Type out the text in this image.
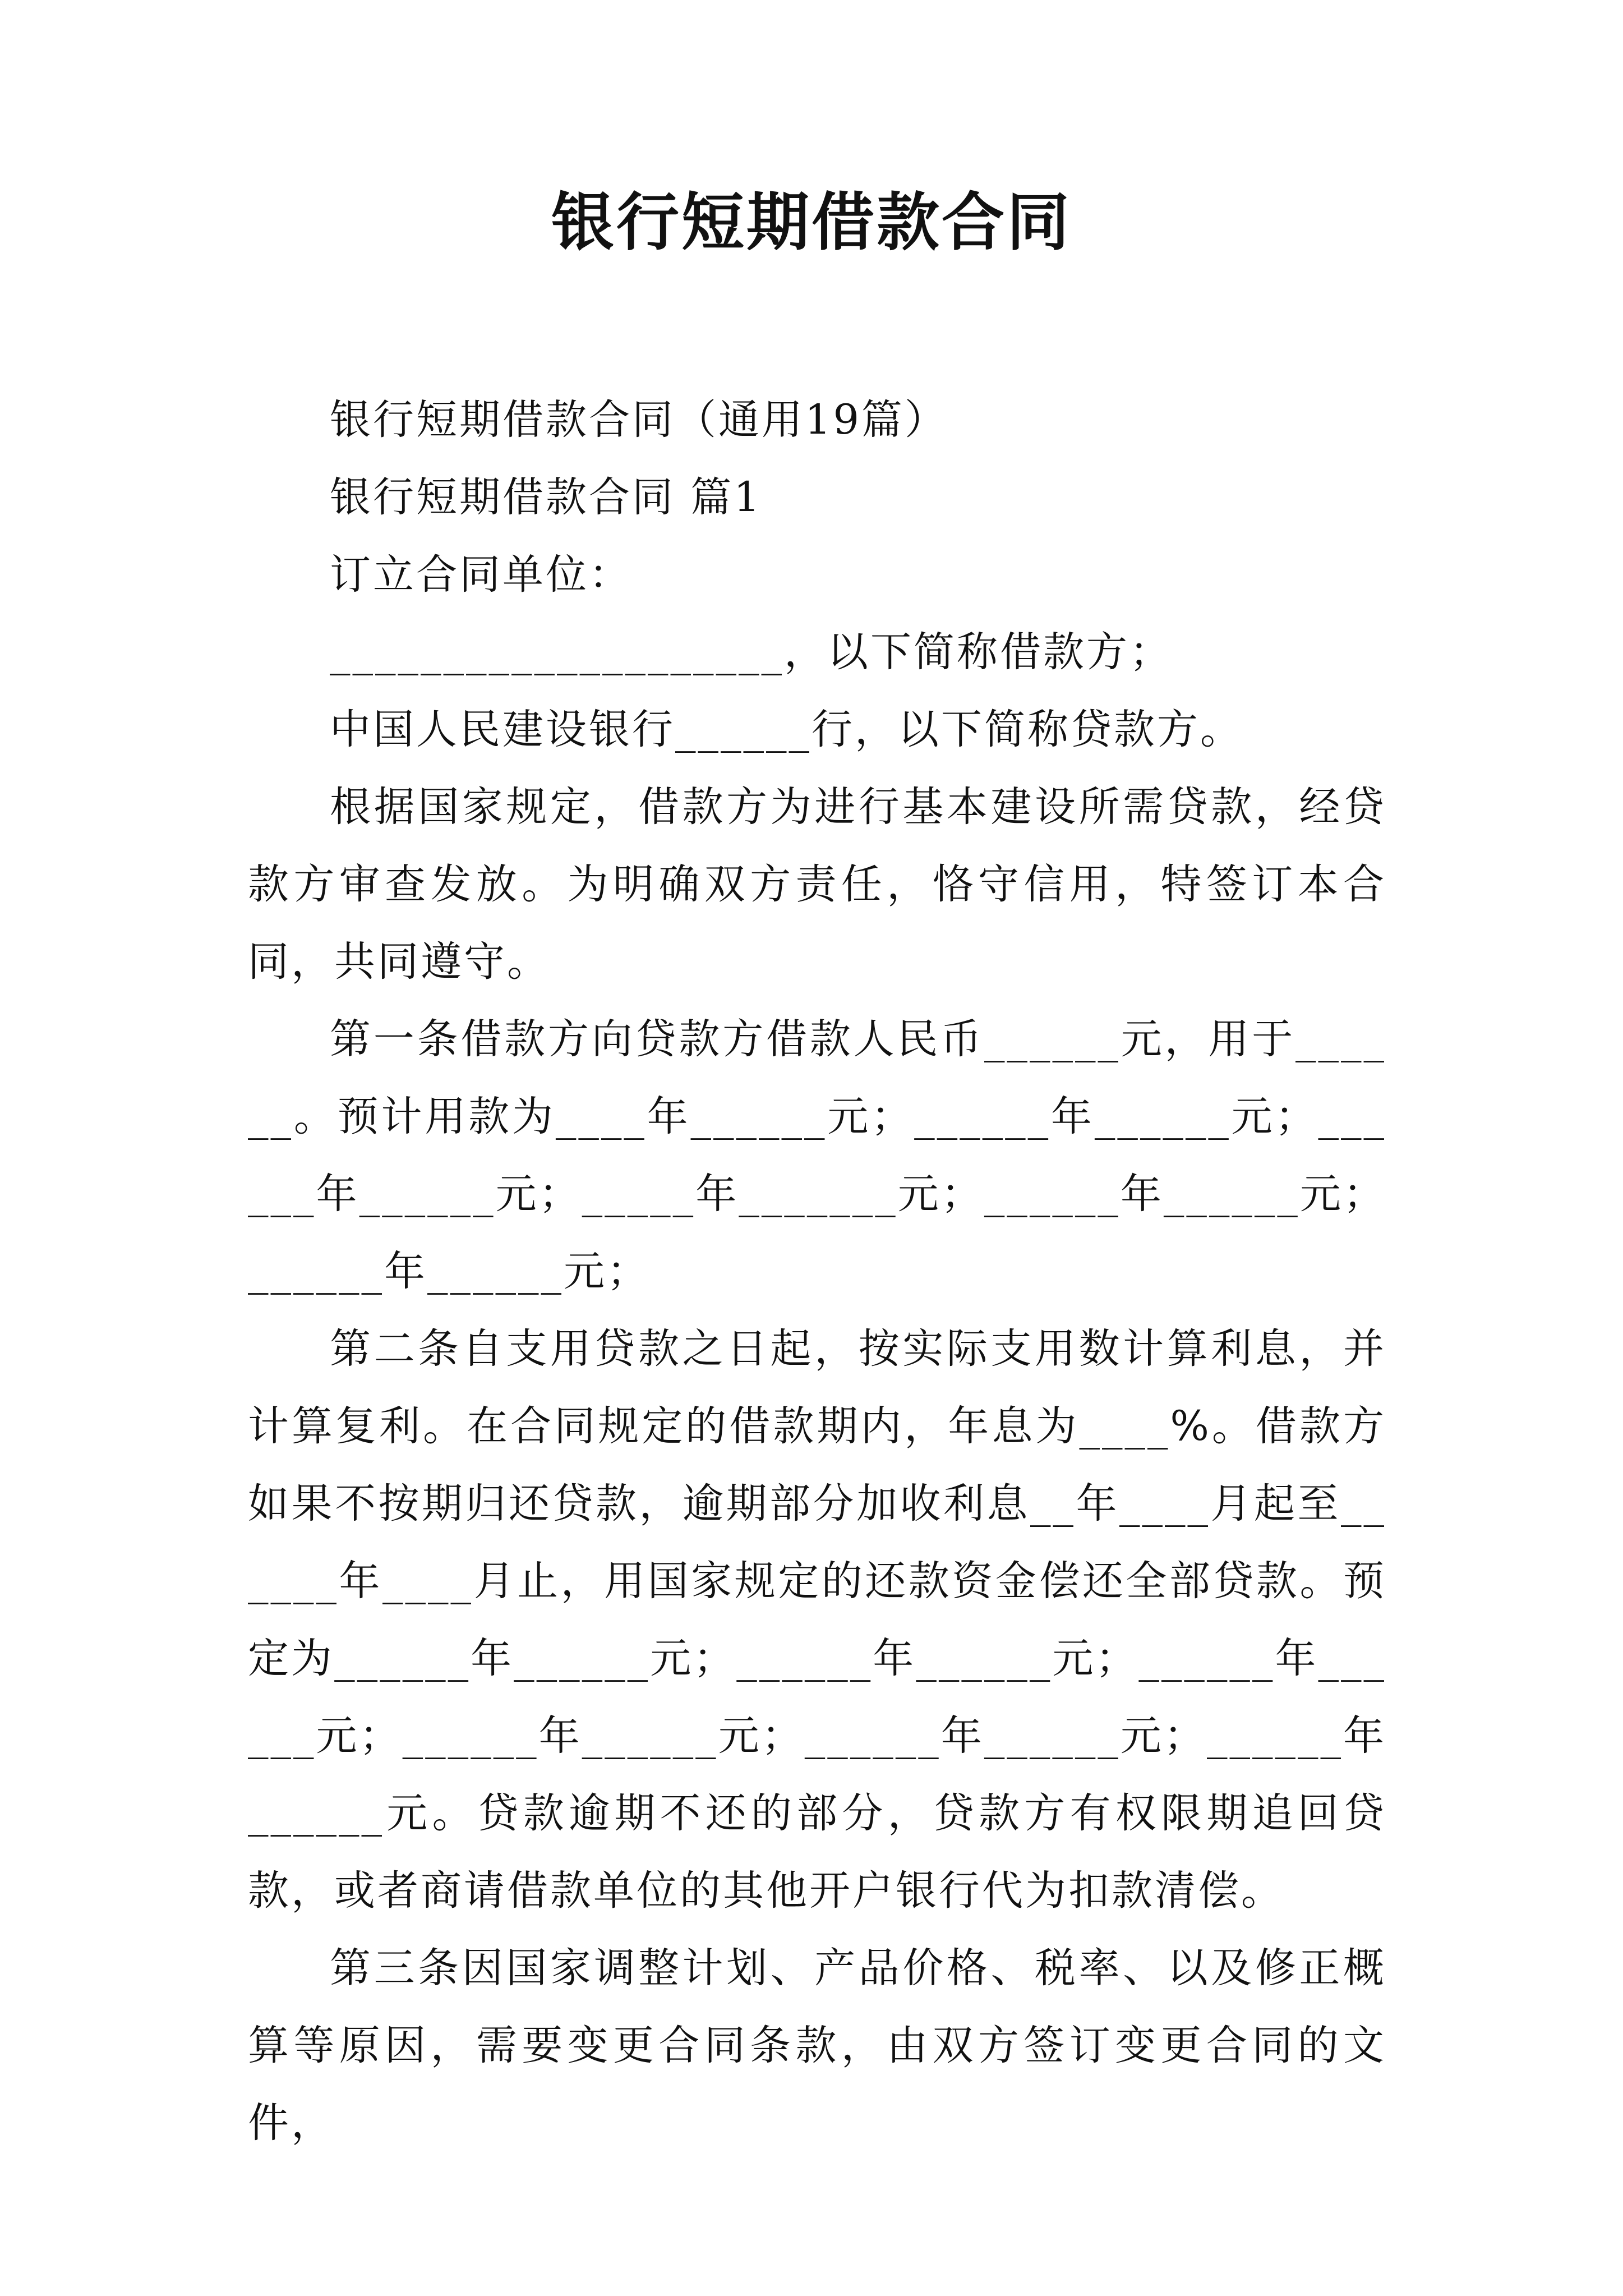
银行短期借款合同

银行短期借款合同（通用19篇）

银行短期借款合同 篇1

订立合同单位：

____________________，以下简称借款方；

中国人民建设银行______行，以下简称贷款方。

根据国家规定，借款方为进行基本建设所需贷款，经贷款方审查发放。为明确双方责任，恪守信用，特签订本合同，共同遵守。

第一条借款方向贷款方借款人民币______元，用于______。预计用款为____年______元；______年______元；______年______元；_____年_______元；______年______元；______年______元；

第二条自支用贷款之日起，按实际支用数计算利息，并计算复利。在合同规定的借款期内，年息为____%。借款方如果不按期归还贷款，逾期部分加收利息__年____月起至______年____月止，用国家规定的还款资金偿还全部贷款。预定为______年______元；______年______元；______年______元；______年______元；______年______元；______年______元。贷款逾期不还的部分，贷款方有权限期追回贷款，或者商请借款单位的其他开户银行代为扣款清偿。

第三条因国家调整计划、产品价格、税率、以及修正概算等原因，需要变更合同条款，由双方签订变更合同的文件，
